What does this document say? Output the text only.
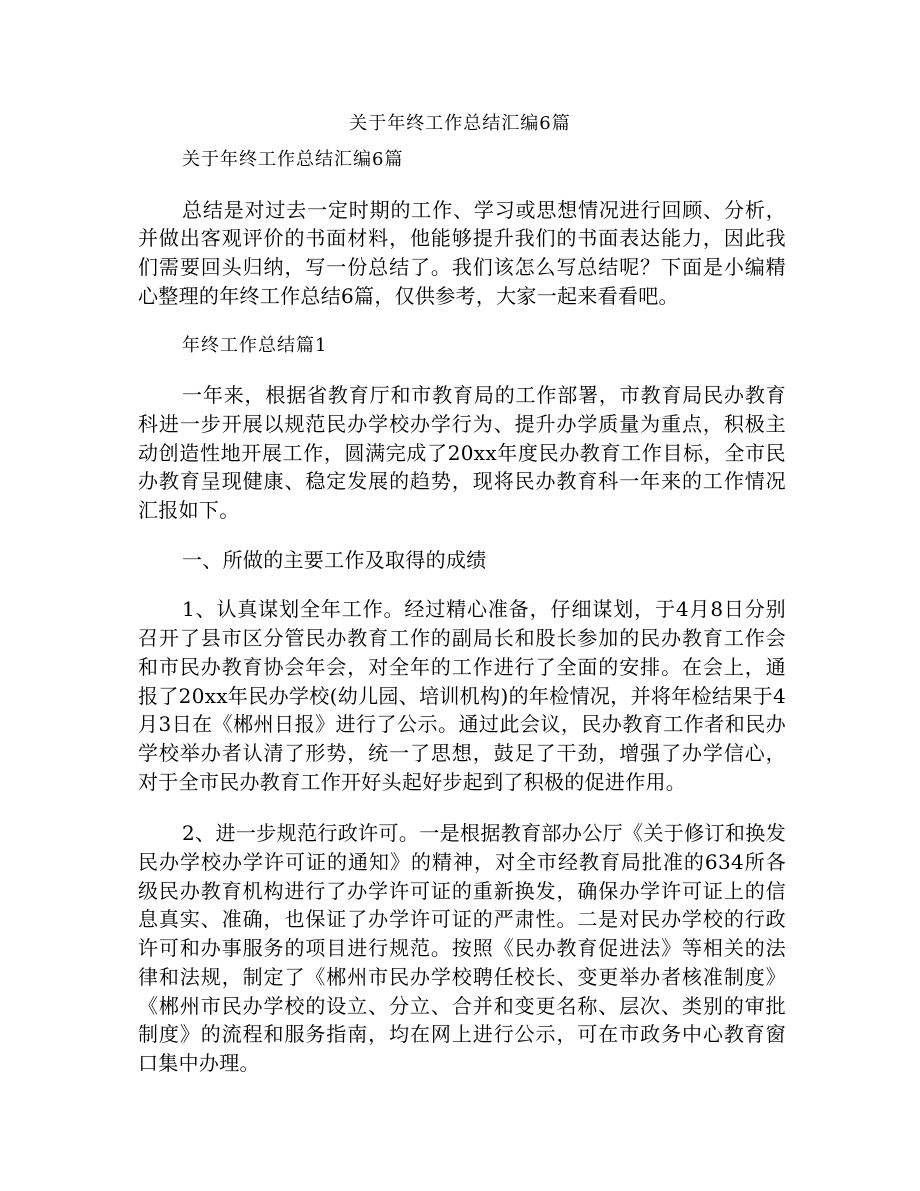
关于年终工作总结汇编6篇

关于年终工作总结汇编6篇

总结是对过去一定时期的工作、学习或思想情况进行回顾、分析，并做出客观评价的书面材料，他能够提升我们的书面表达能力，因此我们需要回头归纳，写一份总结了。我们该怎么写总结呢？下面是小编精心整理的年终工作总结6篇，仅供参考，大家一起来看看吧。

年终工作总结篇1

一年来，根据省教育厅和市教育局的工作部署，市教育局民办教育科进一步开展以规范民办学校办学行为、提升办学质量为重点，积极主动创造性地开展工作，圆满完成了20xx年度民办教育工作目标，全市民办教育呈现健康、稳定发展的趋势，现将民办教育科一年来的工作情况汇报如下。

一、所做的主要工作及取得的成绩

1、认真谋划全年工作。经过精心准备，仔细谋划，于4月8日分别召开了县市区分管民办教育工作的副局长和股长参加的民办教育工作会和市民办教育协会年会，对全年的工作进行了全面的安排。在会上，通报了20xx年民办学校(幼儿园、培训机构)的年检情况，并将年检结果于4月3日在《郴州日报》进行了公示。通过此会议，民办教育工作者和民办学校举办者认清了形势，统一了思想，鼓足了干劲，增强了办学信心，对于全市民办教育工作开好头起好步起到了积极的促进作用。

2、进一步规范行政许可。一是根据教育部办公厅《关于修订和换发民办学校办学许可证的通知》的精神，对全市经教育局批准的634所各级民办教育机构进行了办学许可证的重新换发，确保办学许可证上的信息真实、准确，也保证了办学许可证的严肃性。二是对民办学校的行政许可和办事服务的项目进行规范。按照《民办教育促进法》等相关的法律和法规，制定了《郴州市民办学校聘任校长、变更举办者核准制度》《郴州市民办学校的设立、分立、合并和变更名称、层次、类别的审批制度》的流程和服务指南，均在网上进行公示，可在市政务中心教育窗口集中办理。
